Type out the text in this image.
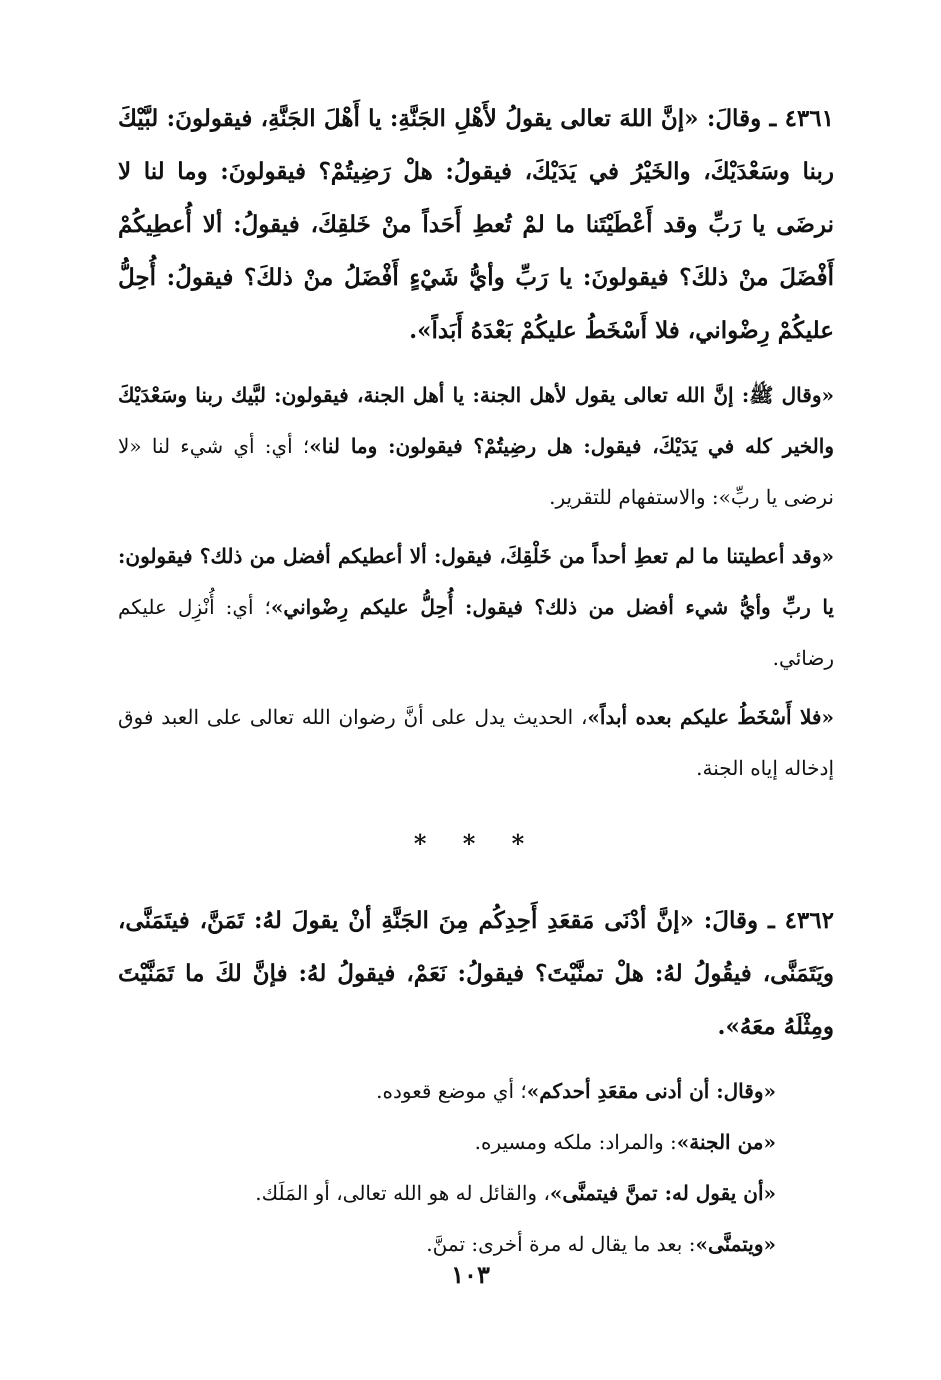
٤٣٦١ ـ وقالَ: «إنَّ اللهَ تعالى يقولُ لأَهْلِ الجَنَّةِ: يا أَهْلَ الجَنَّةِ، فيقولونَ: لبَّيْكَ ربنا وسَعْدَيْكَ، والخَيْرُ في يَدَيْكَ، فيقولُ: هلْ رَضِيتُمْ؟ فيقولونَ: وما لنا لا نرضَى يا رَبِّ وقد أَعْطَيْتَنا ما لمْ تُعطِ أَحَداً منْ خَلقِكَ، فيقولُ: ألا أُعطِيكُمْ أَفْضَلَ منْ ذلكَ؟ فيقولونَ: يا رَبِّ وأيُّ شَيْءٍ أَفْضَلُ منْ ذلكَ؟ فيقولُ: أُحِلُّ عليكُمْ رِضْواني، فلا أَسْخَطُ عليكُمْ بَعْدَهُ أَبَداً».

«وقال ﷺ: إنَّ الله تعالى يقول لأهل الجنة: يا أهل الجنة، فيقولون: لبَّيك ربنا وسَعْدَيْكَ والخير كله في يَدَيْكَ، فيقول: هل رضِيتُمْ؟ فيقولون: وما لنا»؛ أي: أي شيء لنا «لا نرضى يا ربِّ»: والاستفهام للتقرير.

«وقد أعطيتنا ما لم تعطِ أحداً من خَلْقِكَ، فيقول: ألا أعطيكم أفضل من ذلك؟ فيقولون: يا ربِّ وأيُّ شيء أفضل من ذلك؟ فيقول: أُحِلُّ عليكم رِضْواني»؛ أي: أُنْزِل عليكم رضائي.

«فلا أَسْخَطُ عليكم بعده أبداً»، الحديث يدل على أنَّ رضوان الله تعالى على العبد فوق إدخاله إياه الجنة.

* * *

٤٣٦٢ ـ وقالَ: «إنَّ أدْنَى مَقعَدِ أَحِدِكُم مِنَ الجَنَّةِ أنْ يقولَ لهُ: تَمَنَّ، فيتَمَنَّى، ويَتَمَنَّى، فيقُولُ لهُ: هلْ تمنَّيْتَ؟ فيقولُ: نَعَمْ، فيقولُ لهُ: فإنَّ لكَ ما تَمَنَّيْتَ ومِثْلَهُ معَهُ».

«وقال: أن أدنى مقعَدِ أحدكم»؛ أي موضع قعوده.

«من الجنة»: والمراد: ملكه ومسيره.

«أن يقول له: تمنَّ فيتمنَّى»، والقائل له هو الله تعالى، أو المَلَك.

«ويتمنَّى»: بعد ما يقال له مرة أخرى: تمنَّ.

١٠٣
